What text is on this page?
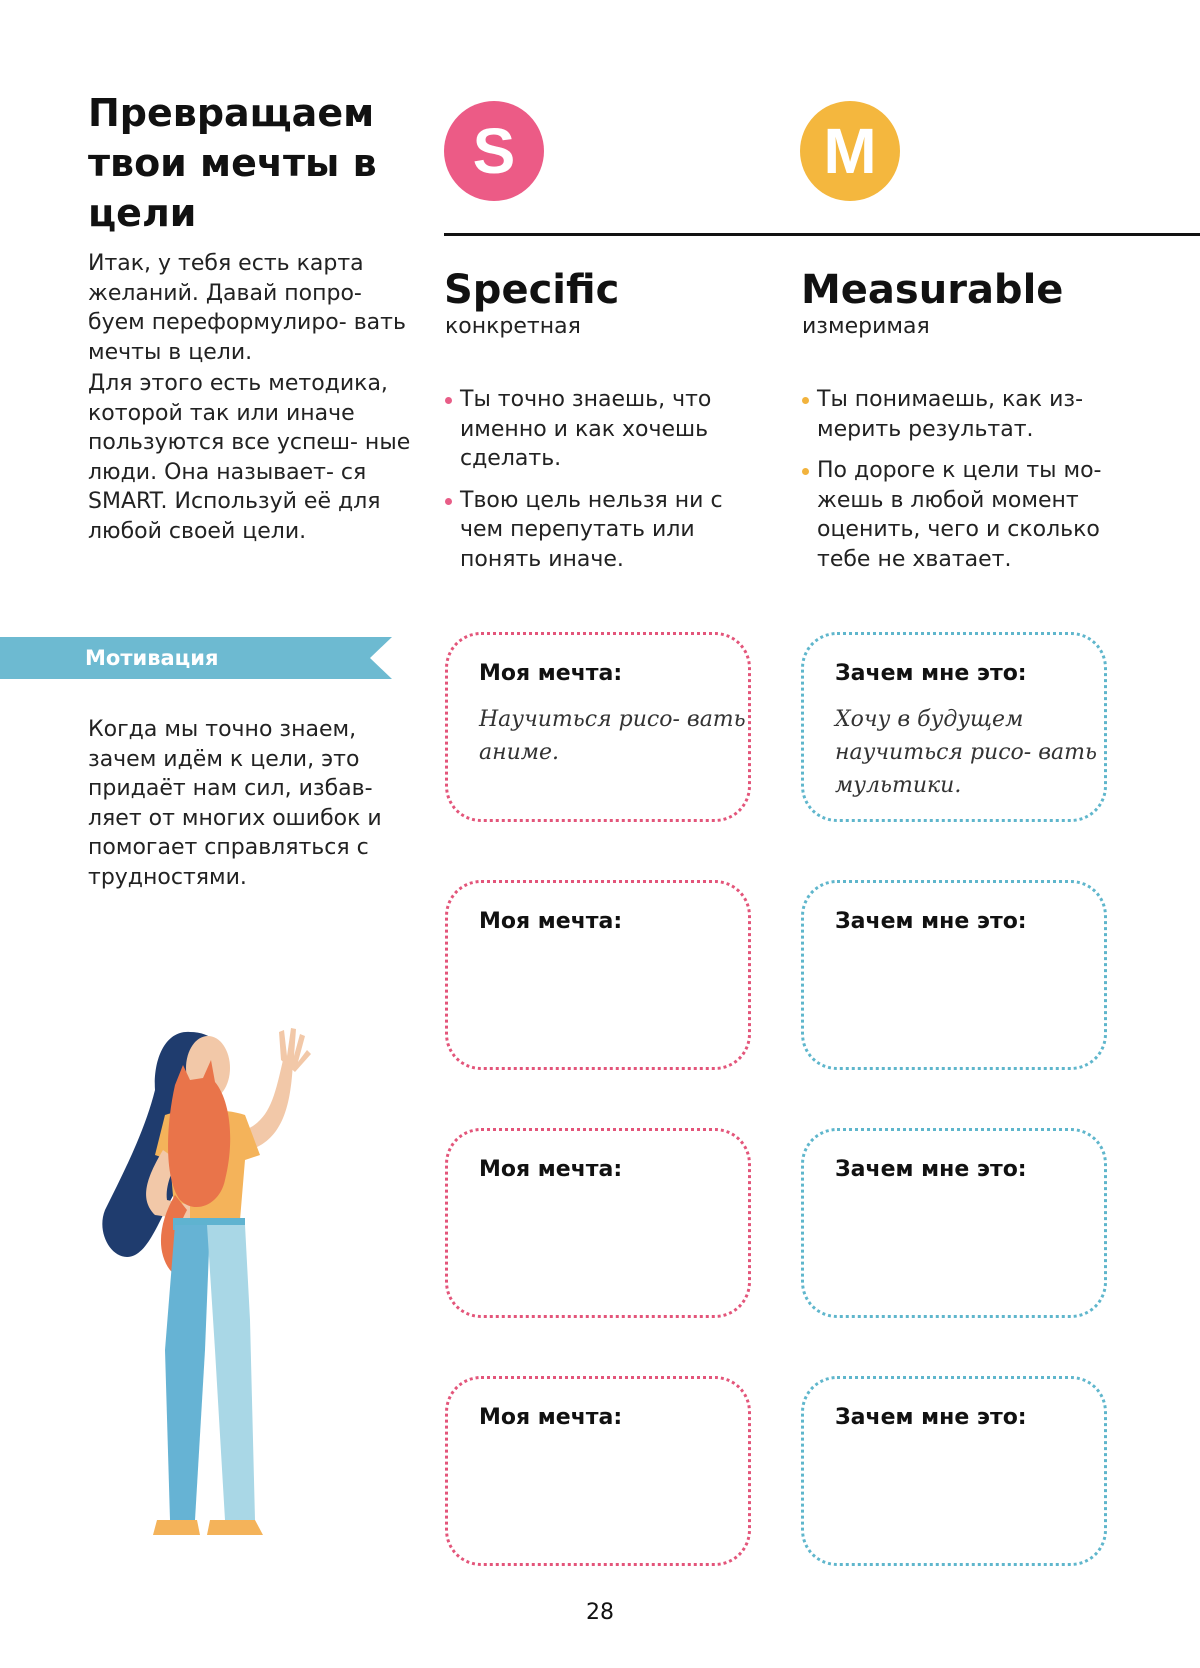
Превращаем твои мечты в цели
Итак, у тебя есть карта желаний. Давай попро- буем переформулиро- вать мечты в цели.
Для этого есть методика, которой так или иначе пользуются все успеш- ные люди. Она называет- ся SMART. Используй её для любой своей цели.
Мотивация
Когда мы точно знаем, зачем идём к цели, это придаёт нам сил, избав- ляет от многих ошибок и помогает справляться с трудностями.
S	M
Specific
конкретная
Ты точно знаешь, что именно и как хочешь сделать.
Твою цель нельзя ни с чем перепутать или понять иначе.
Measurable
измеримая
Ты понимаешь, как из- мерить результат.
По дороге к цели ты мо- жешь в любой момент оценить, чего и сколько тебе не хватает.
Моя мечта:
Научиться рисо- вать аниме.
Зачем мне это:
Хочу в будущем научиться рисо- вать мультики.
Моя мечта:	Зачем мне это:
Моя мечта:	Зачем мне это:
Моя мечта:	Зачем мне это:
28
